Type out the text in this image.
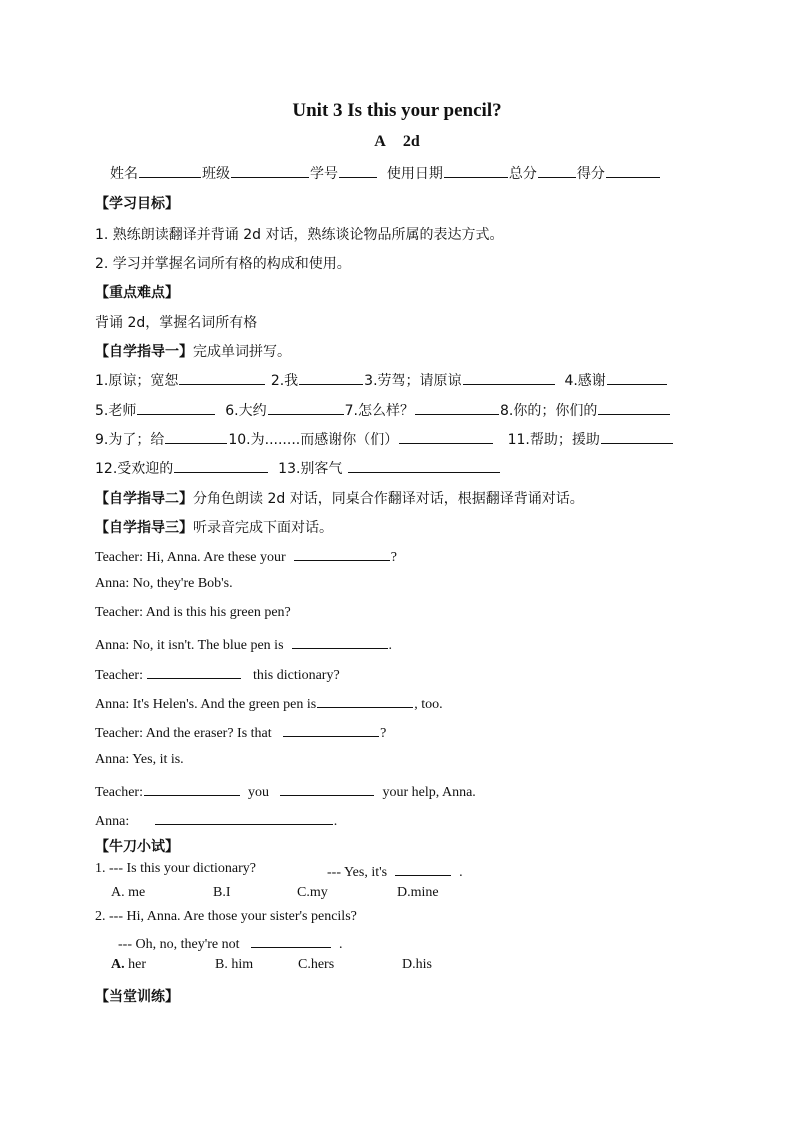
Unit 3 Is this your pencil?
A 2d
姓名	班级	学号	使用日期	总分	得分
【学习目标】
1. 熟练朗读翻译并背诵 2d 对话，熟练谈论物品所属的表达方式。
2. 学习并掌握名词所有格的构成和使用。
【重点难点】
背诵 2d，掌握名词所有格
【自学指导一】完成单词拼写。
1.原谅；宽恕	2.我	3.劳驾；请原谅	4.感谢
5.老师	6.大约	7.怎么样？	8.你的；你们的
9.为了；给	10.为........而感谢你（们）	11.帮助；援助
12.受欢迎的	13.别客气
【自学指导二】分角色朗读 2d 对话，同桌合作翻译对话，根据翻译背诵对话。
【自学指导三】听录音完成下面对话。
Teacher: Hi, Anna. Are these your	?
Anna: No, they're Bob's.
Teacher: And is this his green pen?
Anna: No, it isn't. The blue pen is	.
Teacher:	this dictionary?
Anna: It's Helen's. And the green pen is	, too.
Teacher: And the eraser? Is that	?
Anna: Yes, it is.
Teacher:	you	your help, Anna.
Anna:	.
【牛刀小试】
1. --- Is this your dictionary?	--- Yes, it's	.
A. me	B.I	C.my	D.mine
2. --- Hi, Anna. Are those your sister's pencils?
--- Oh, no, they're not	.
A. her	B. him	C.hers	D.his
【当堂训练】
